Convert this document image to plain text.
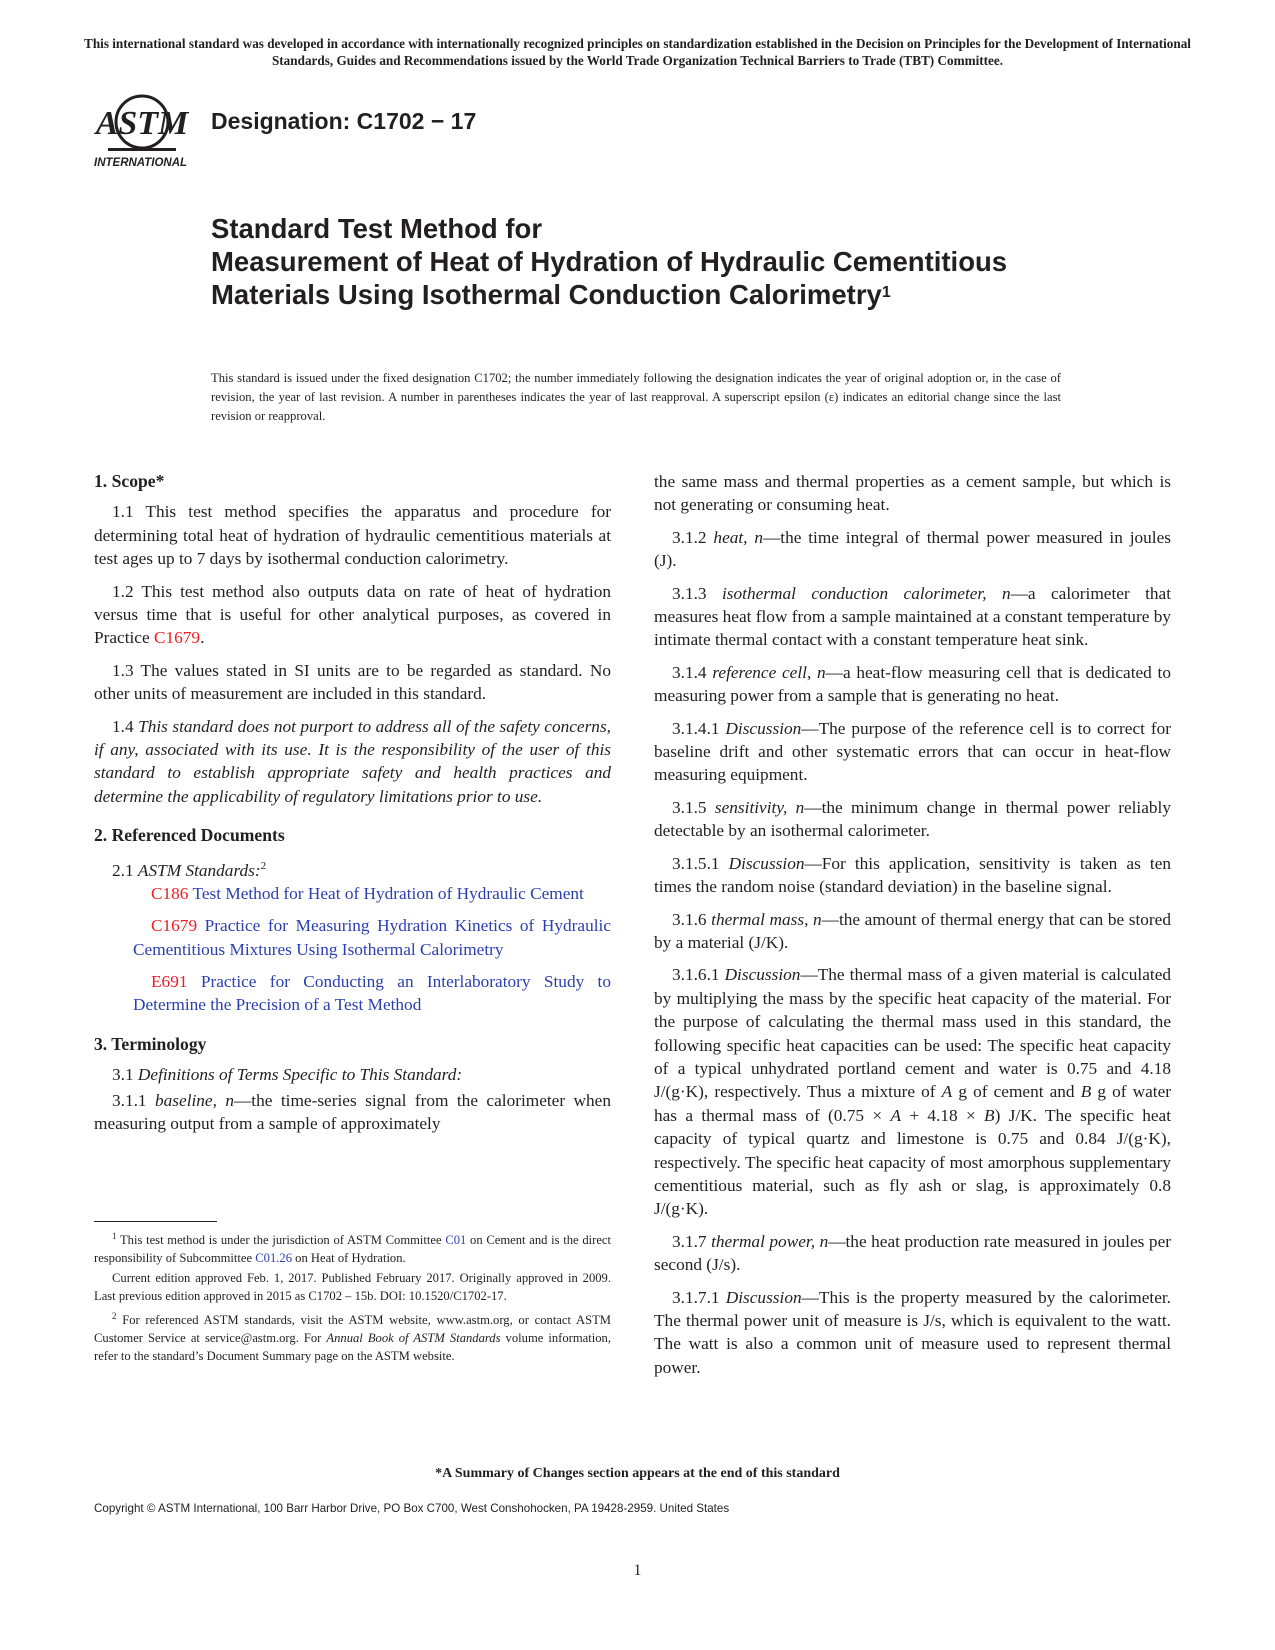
This international standard was developed in accordance with internationally recognized principles on standardization established in the Decision on Principles for the Development of International Standards, Guides and Recommendations issued by the World Trade Organization Technical Barriers to Trade (TBT) Committee.
ASTM
INTERNATIONAL
Designation: C1702 − 17
Standard Test Method for
Measurement of Heat of Hydration of Hydraulic Cementitious Materials Using Isothermal Conduction Calorimetry$^1$
This standard is issued under the fixed designation C1702; the number immediately following the designation indicates the year of original adoption or, in the case of revision, the year of last revision. A number in parentheses indicates the year of last reapproval. A superscript epsilon (ε) indicates an editorial change since the last revision or reapproval.
1. Scope*

1.1 This test method specifies the apparatus and procedure for determining total heat of hydration of hydraulic cementitious materials at test ages up to 7 days by isothermal conduction calorimetry.

1.2 This test method also outputs data on rate of heat of hydration versus time that is useful for other analytical purposes, as covered in Practice C1679.

1.3 The values stated in SI units are to be regarded as standard. No other units of measurement are included in this standard.

1.4 This standard does not purport to address all of the safety concerns, if any, associated with its use. It is the responsibility of the user of this standard to establish appropriate safety and health practices and determine the applicability of regulatory limitations prior to use.

2. Referenced Documents

2.1 ASTM Standards:$^2$

C186 Test Method for Heat of Hydration of Hydraulic Cement

C1679 Practice for Measuring Hydration Kinetics of Hydraulic Cementitious Mixtures Using Isothermal Calorimetry

E691 Practice for Conducting an Interlaboratory Study to Determine the Precision of a Test Method

3. Terminology

3.1 Definitions of Terms Specific to This Standard:

3.1.1 baseline, n—the time-series signal from the calorimeter when measuring output from a sample of approximately

the same mass and thermal properties as a cement sample, but which is not generating or consuming heat.

3.1.2 heat, n—the time integral of thermal power measured in joules (J).

3.1.3 isothermal conduction calorimeter, n—a calorimeter that measures heat flow from a sample maintained at a constant temperature by intimate thermal contact with a constant temperature heat sink.

3.1.4 reference cell, n—a heat-flow measuring cell that is dedicated to measuring power from a sample that is generating no heat.

3.1.4.1 Discussion—The purpose of the reference cell is to correct for baseline drift and other systematic errors that can occur in heat-flow measuring equipment.

3.1.5 sensitivity, n—the minimum change in thermal power reliably detectable by an isothermal calorimeter.

3.1.5.1 Discussion—For this application, sensitivity is taken as ten times the random noise (standard deviation) in the baseline signal.

3.1.6 thermal mass, n—the amount of thermal energy that can be stored by a material (J/K).

3.1.6.1 Discussion—The thermal mass of a given material is calculated by multiplying the mass by the specific heat capacity of the material. For the purpose of calculating the thermal mass used in this standard, the following specific heat capacities can be used: The specific heat capacity of a typical unhydrated portland cement and water is 0.75 and 4.18 J/(g·K), respectively. Thus a mixture of A g of cement and B g of water has a thermal mass of (0.75 × A + 4.18 × B) J/K. The specific heat capacity of typical quartz and limestone is 0.75 and 0.84 J/(g·K), respectively. The specific heat capacity of most amorphous supplementary cementitious material, such as fly ash or slag, is approximately 0.8 J/(g·K).

3.1.7 thermal power, n—the heat production rate measured in joules per second (J/s).

3.1.7.1 Discussion—This is the property measured by the calorimeter. The thermal power unit of measure is J/s, which is equivalent to the watt. The watt is also a common unit of measure used to represent thermal power.

$^1$ This test method is under the jurisdiction of ASTM Committee C01 on Cement and is the direct responsibility of Subcommittee C01.26 on Heat of Hydration.

Current edition approved Feb. 1, 2017. Published February 2017. Originally approved in 2009. Last previous edition approved in 2015 as C1702 – 15b. DOI: 10.1520/C1702-17.

$^2$ For referenced ASTM standards, visit the ASTM website, www.astm.org, or contact ASTM Customer Service at service@astm.org. For Annual Book of ASTM Standards volume information, refer to the standard’s Document Summary page on the ASTM website.

*A Summary of Changes section appears at the end of this standard
Copyright © ASTM International, 100 Barr Harbor Drive, PO Box C700, West Conshohocken, PA 19428-2959. United States
1
